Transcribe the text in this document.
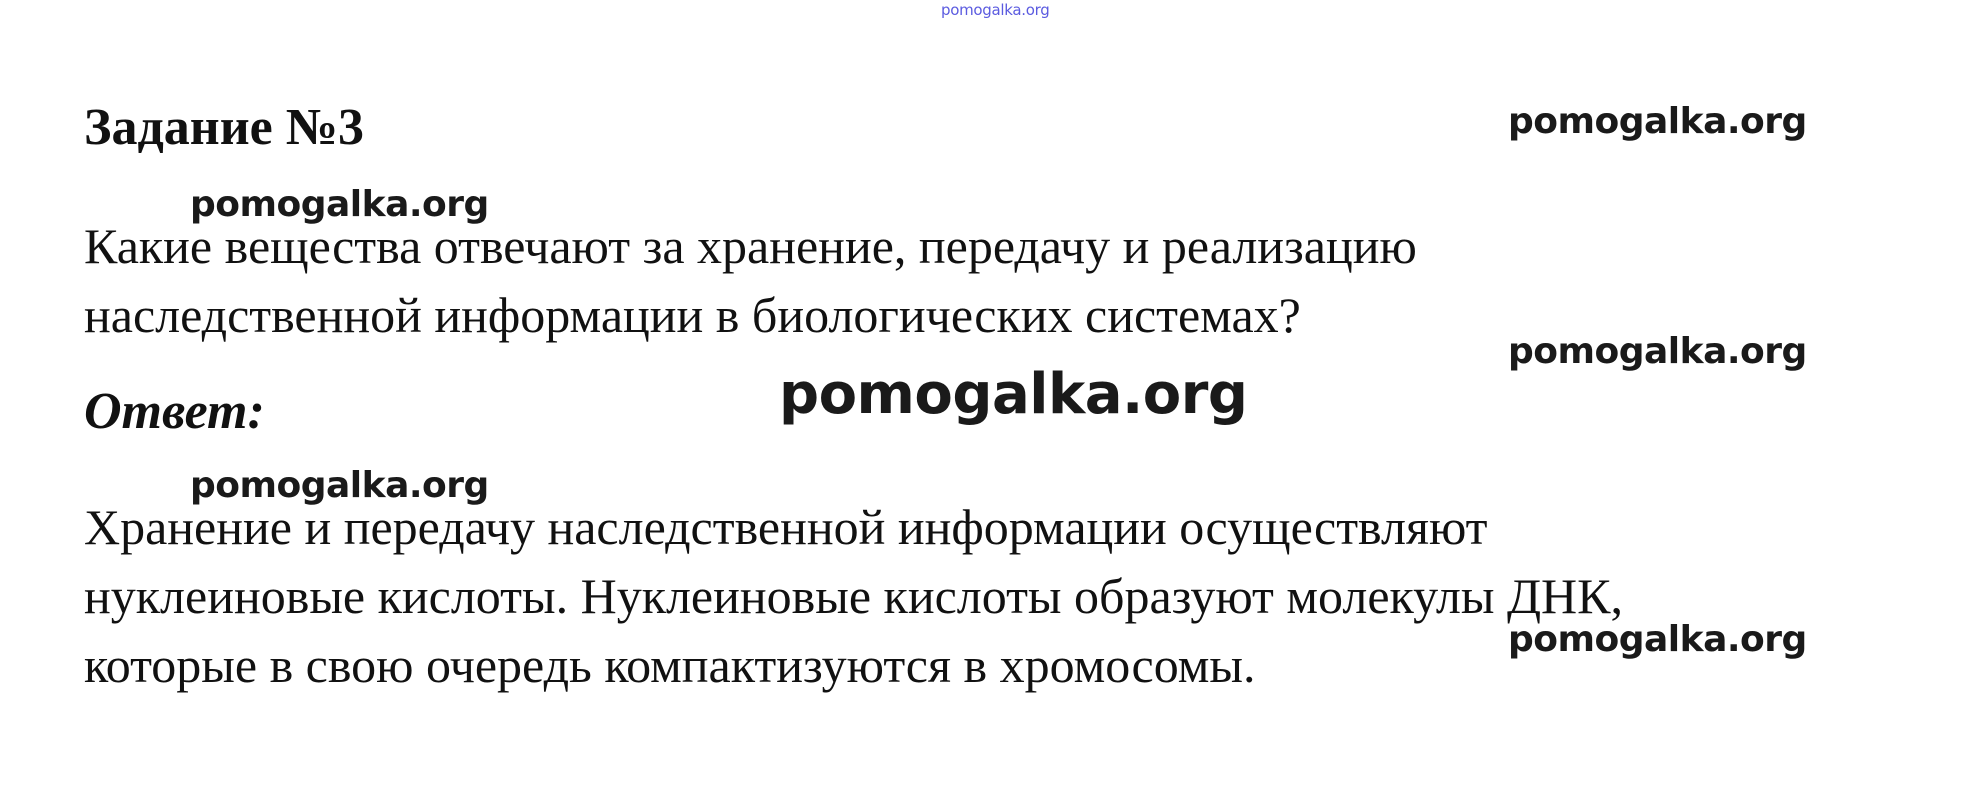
pomogalka.org
Задание №3

Какие вещества отвечают за хранение, передачу и реализацию
наследственной информации в биологических системах?

Ответ:

Хранение и передачу наследственной информации осуществляют
нуклеиновые кислоты. Нуклеиновые кислоты образуют молекулы ДНК,
которые в свою очередь компактизуются в хромосомы.

pomogalka.org
pomogalka.org
pomogalka.org
pomogalka.org
pomogalka.org
pomogalka.org
